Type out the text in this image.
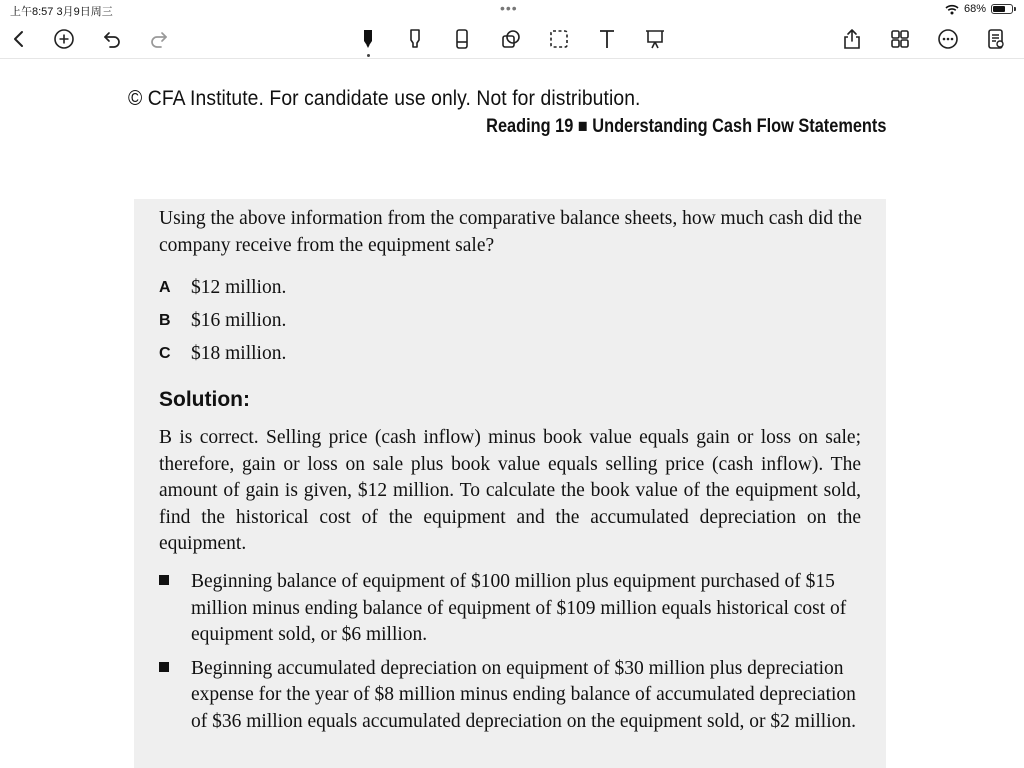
上午8:57 3月9日周三	•••	68%
© CFA Institute. For candidate use only. Not for distribution.
Reading 19 ■ Understanding Cash Flow Statements
Using the above information from the comparative balance sheets, how much cash did the company receive from the equipment sale?
A	$12 million.
B	$16 million.
C	$18 million.
Solution:
B is correct. Selling price (cash inflow) minus book value equals gain or loss on sale; therefore, gain or loss on sale plus book value equals selling price (cash inflow). The amount of gain is given, $12 million. To calculate the book value of the equipment sold, find the historical cost of the equipment and the accumulated depreciation on the equipment.
Beginning balance of equipment of $100 million plus equipment purchased of $15 million minus ending balance of equipment of $109 million equals historical cost of equipment sold, or $6 million.
Beginning accumulated depreciation on equipment of $30 million plus depreciation expense for the year of $8 million minus ending balance of accumulated depreciation of $36 million equals accumulated depreciation on the equipment sold, or $2 million.
